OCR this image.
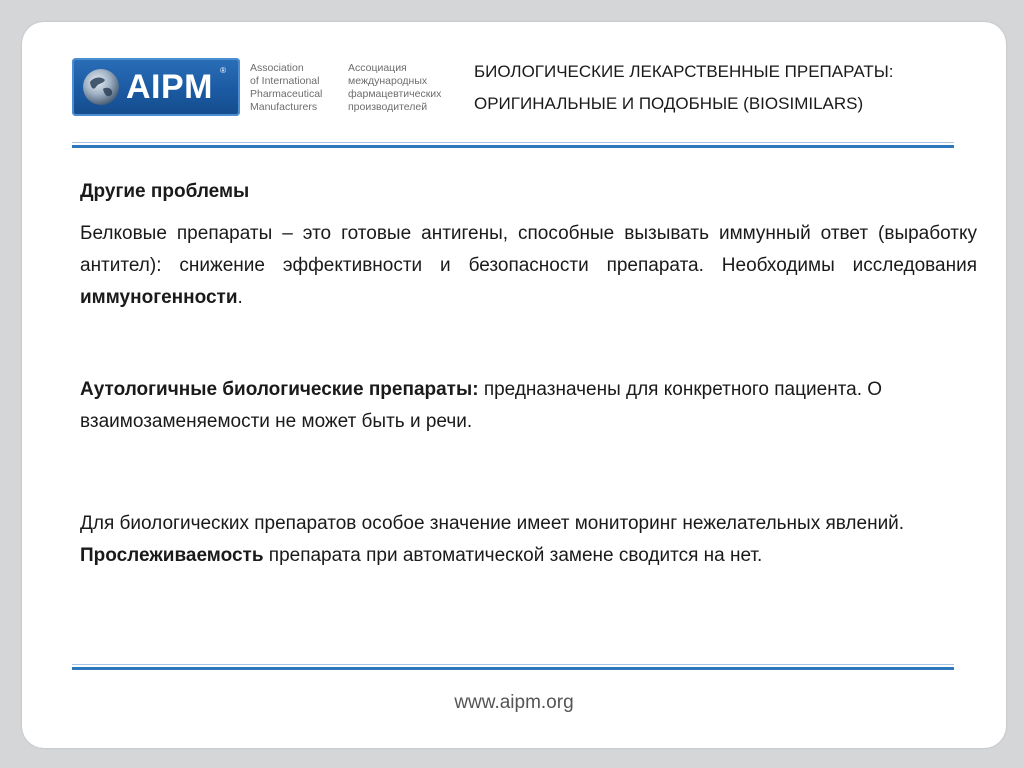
AIPM ® Association
of International
Pharmaceutical
Manufacturers
Ассоциация
международных
фармацевтических
производителей
БИОЛОГИЧЕСКИЕ ЛЕКАРСТВЕННЫЕ ПРЕПАРАТЫ:
ОРИГИНАЛЬНЫЕ И ПОДОБНЫЕ (BIOSIMILARS)

Другие проблемы

Белковые препараты – это готовые антигены, способные вызывать иммунный ответ (выработку антител): снижение эффективности и безопасности препарата. Необходимы исследования иммуногенности.

Аутологичные биологические препараты: предназначены для конкретного пациента. О взаимозаменяемости не может быть и речи.

Для биологических препаратов особое значение имеет мониторинг нежелательных явлений. Прослеживаемость препарата при автоматической замене сводится на нет.

www.aipm.org
